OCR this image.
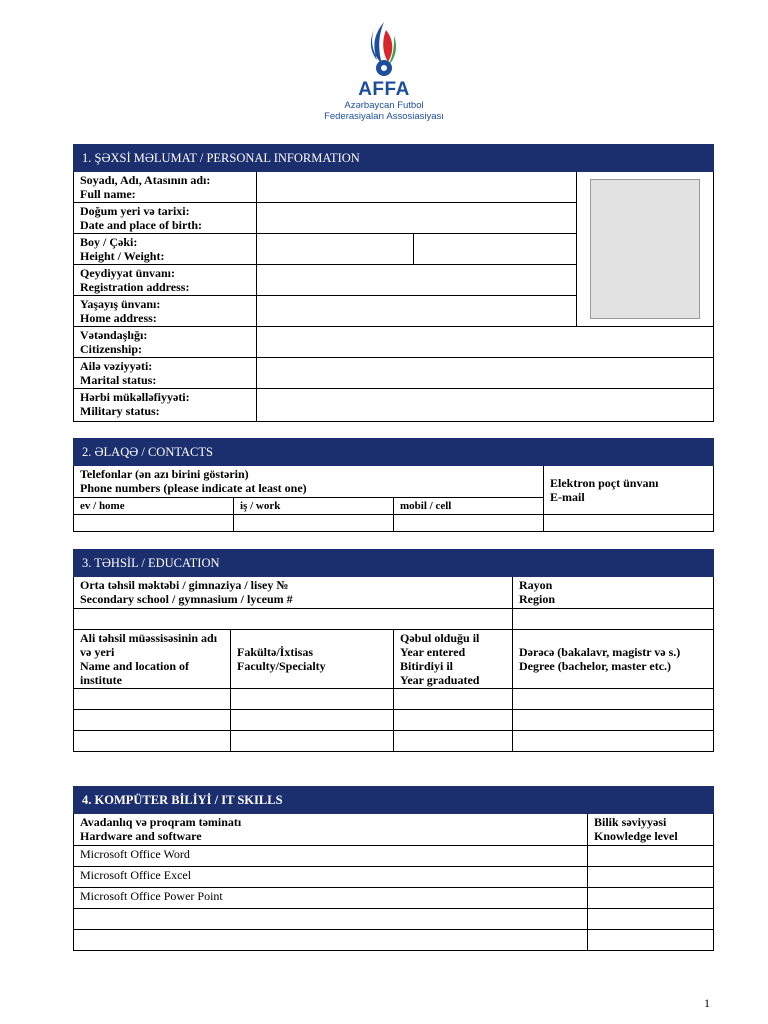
AFFA
Azərbaycan Futbol
Federasiyaları Assosiasiyası
1. ŞƏXSİ MƏLUMAT / PERSONAL INFORMATION			
Soyadı, Adı, Atasının adı:
Full name:			

Doğum yeri və tarixi:
Date and place of birth:			
Boy / Çəki:
Height / Weight:			
Qeydiyyat ünvanı:
Registration address:			
Yaşayış ünvanı:
Home address:			
Vətəndaşlığı:
Citizenship:			
Ailə vəziyyəti:
Marital status:			
Hərbi mükəlləfiyyəti:
Military status:			
2. ƏLAQƏ / CONTACTS			
Telefonlar (ən azı birini göstərin)
Phone numbers (please indicate at least one)			Elektron poçt ünvanı
E-mail
ev / home	iş / work	mobil / cell	

3. TƏHSİL / EDUCATION			
Orta təhsil məktəbi / gimnaziya / lisey №
Secondary school / gymnasium / lyceum #			Rayon
Region

Ali təhsil müəssisəsinin adı və yeri
Name and location of institute	Fakültə/İxtisas
Faculty/Specialty	Qəbul olduğu il
Year entered
Bitirdiyi il
Year graduated	Dərəcə (bakalavr, magistr və s.)
Degree (bachelor, master etc.)

4. KOMPÜTER BİLİYİ / IT SKILLS	
Avadanlıq və proqram təminatı
Hardware and software	Bilik səviyyəsi
Knowledge level
Microsoft Office Word	
Microsoft Office Excel	
Microsoft Office Power Point	

1
